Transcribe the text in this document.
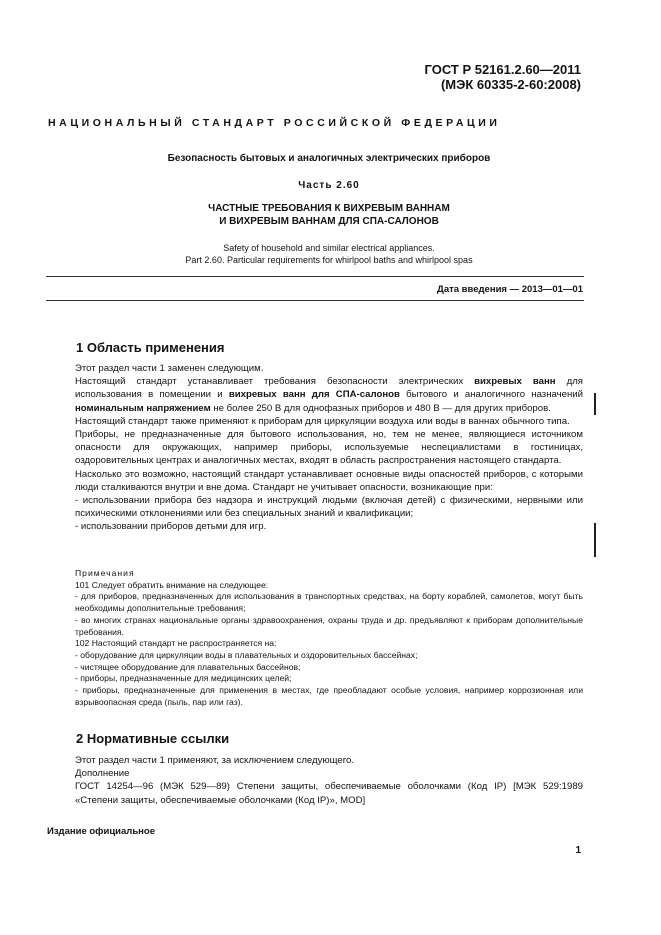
ГОСТ Р 52161.2.60—2011
(МЭК 60335-2-60:2008)
НАЦИОНАЛЬНЫЙ СТАНДАРТ РОССИЙСКОЙ ФЕДЕРАЦИИ
Безопасность бытовых и аналогичных электрических приборов
Часть 2.60
ЧАСТНЫЕ ТРЕБОВАНИЯ К ВИХРЕВЫМ ВАННАМ
И ВИХРЕВЫМ ВАННАМ ДЛЯ СПА-САЛОНОВ
Safety of household and similar electrical appliances.
Part 2.60. Particular requirements for whirlpool baths and whirlpool spas
Дата введения — 2013—01—01
1 Область применения

Этот раздел части 1 заменен следующим.

Настоящий стандарт устанавливает требования безопасности электрических вихревых ванн для использования в помещении и вихревых ванн для СПА-салонов бытового и аналогичного назначений номинальным напряжением не более 250 В для однофазных приборов и 480 В — для других приборов.

Настоящий стандарт также применяют к приборам для циркуляции воздуха или воды в ваннах обычного типа.

Приборы, не предназначенные для бытового использования, но, тем не менее, являющиеся источником опасности для окружающих, например приборы, используемые неспециалистами в гостиницах, оздоровительных центрах и аналогичных местах, входят в область распространения настоящего стандарта.

Насколько это возможно, настоящий стандарт устанавливает основные виды опасностей приборов, с которыми люди сталкиваются внутри и вне дома. Стандарт не учитывает опасности, возникающие при:

- использовании прибора без надзора и инструкций людьми (включая детей) с физическими, нервными или психическими отклонениями или без специальных знаний и квалификации;

- использовании приборов детьми для игр.

Примечания

101 Следует обратить внимание на следующее:

- для приборов, предназначенных для использования в транспортных средствах, на борту кораблей, самолетов, могут быть необходимы дополнительные требования;

- во многих странах национальные органы здравоохранения, охраны труда и др. предъявляют к приборам дополнительные требования.

102 Настоящий стандарт не распространяется на:

- оборудование для циркуляции воды в плавательных и оздоровительных бассейнах;

- чистящее оборудование для плавательных бассейнов;

- приборы, предназначенные для медицинских целей;

- приборы, предназначенные для применения в местах, где преобладают особые условия, например коррозионная или взрывоопасная среда (пыль, пар или газ).

2 Нормативные ссылки

Этот раздел части 1 применяют, за исключением следующего.

Дополнение

ГОСТ 14254—96 (МЭК 529—89) Степени защиты, обеспечиваемые оболочками (Код IP) [МЭК 529:1989 «Степени защиты, обеспечиваемые оболочками (Код IP)», MOD]

Издание официальное
1
